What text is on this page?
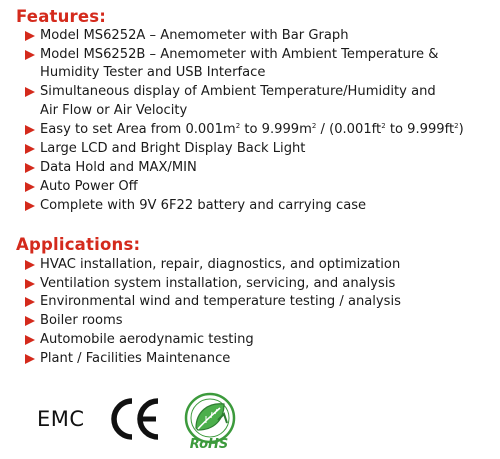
Features:
Model MS6252A – Anemometer with Bar Graph
Model MS6252B – Anemometer with Ambient Temperature &
Humidity Tester and USB Interface
Simultaneous display of Ambient Temperature/Humidity and
Air Flow or Air Velocity
Easy to set Area from $0.001m^2$ to $9.999m^2 / (0.001ft^2$ to $9.999ft^2$)
Large LCD and Bright Display Back Light
Data Hold and MAX/MIN
Auto Power Off
Complete with 9V 6F22 battery and carrying case
Applications:
HVAC installation, repair, diagnostics, and optimization
Ventilation system installation, servicing, and analysis
Environmental wind and temperature testing / analysis
Boiler rooms
Automobile aerodynamic testing
Plant / Facilities Maintenance
EMC
RoHS
